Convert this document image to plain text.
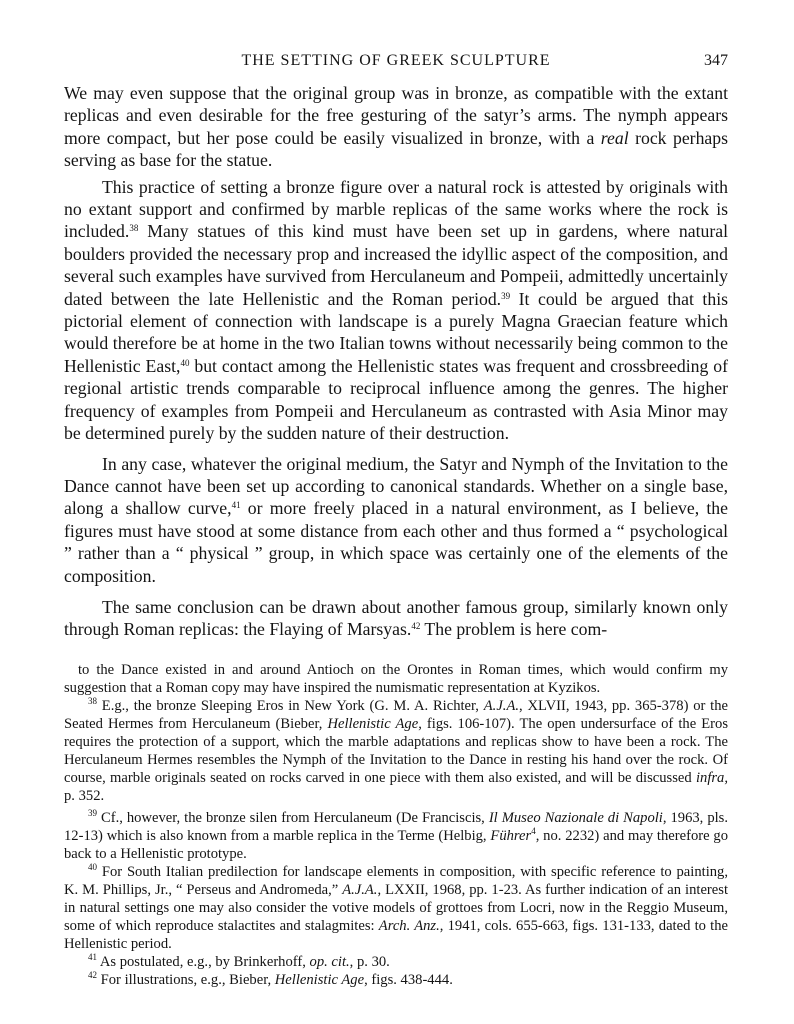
THE SETTING OF GREEK SCULPTURE	347

We may even suppose that the original group was in bronze, as compatible with the extant replicas and even desirable for the free gesturing of the satyr’s arms. The nymph appears more compact, but her pose could be easily visualized in bronze, with a real rock perhaps serving as base for the statue.

This practice of setting a bronze figure over a natural rock is attested by originals with no extant support and confirmed by marble replicas of the same works where the rock is included.$^{38}$ Many statues of this kind must have been set up in gardens, where natural boulders provided the necessary prop and increased the idyllic aspect of the composition, and several such examples have survived from Herculaneum and Pompeii, admittedly uncertainly dated between the late Hellenistic and the Roman period.$^{39}$ It could be argued that this pictorial element of connection with landscape is a purely Magna Graecian feature which would therefore be at home in the two Italian towns without necessarily being common to the Hellenistic East,$^{40}$ but contact among the Hellenistic states was frequent and crossbreeding of regional artistic trends comparable to reciprocal influence among the genres. The higher frequency of examples from Pompeii and Herculaneum as contrasted with Asia Minor may be determined purely by the sudden nature of their destruction.

In any case, whatever the original medium, the Satyr and Nymph of the Invitation to the Dance cannot have been set up according to canonical standards. Whether on a single base, along a shallow curve,$^{41}$ or more freely placed in a natural environment, as I believe, the figures must have stood at some distance from each other and thus formed a “ psychological ” rather than a “ physical ” group, in which space was certainly one of the elements of the composition.

The same conclusion can be drawn about another famous group, similarly known only through Roman replicas: the Flaying of Marsyas.$^{42}$ The problem is here com-

to the Dance existed in and around Antioch on the Orontes in Roman times, which would confirm my suggestion that a Roman copy may have inspired the numismatic representation at Kyzikos.

$^{38}$ E.g., the bronze Sleeping Eros in New York (G. M. A. Richter, A.J.A., XLVII, 1943, pp. 365-378) or the Seated Hermes from Herculaneum (Bieber, Hellenistic Age, figs. 106-107). The open undersurface of the Eros requires the protection of a support, which the marble adaptations and replicas show to have been a rock. The Herculaneum Hermes resembles the Nymph of the Invitation to the Dance in resting his hand over the rock. Of course, marble originals seated on rocks carved in one piece with them also existed, and will be discussed infra, p. 352.

$^{39}$ Cf., however, the bronze silen from Herculaneum (De Franciscis, Il Museo Nazionale di Napoli, 1963, pls. 12-13) which is also known from a marble replica in the Terme (Helbig, Führer$^4$, no. 2232) and may therefore go back to a Hellenistic prototype.

$^{40}$ For South Italian predilection for landscape elements in composition, with specific reference to painting, K. M. Phillips, Jr., “ Perseus and Andromeda,” A.J.A., LXXII, 1968, pp. 1-23. As further indication of an interest in natural settings one may also consider the votive models of grottoes from Locri, now in the Reggio Museum, some of which reproduce stalactites and stalagmites: Arch. Anz., 1941, cols. 655-663, figs. 131-133, dated to the Hellenistic period.

$^{41}$ As postulated, e.g., by Brinkerhoff, op. cit., p. 30.

$^{42}$ For illustrations, e.g., Bieber, Hellenistic Age, figs. 438-444.
